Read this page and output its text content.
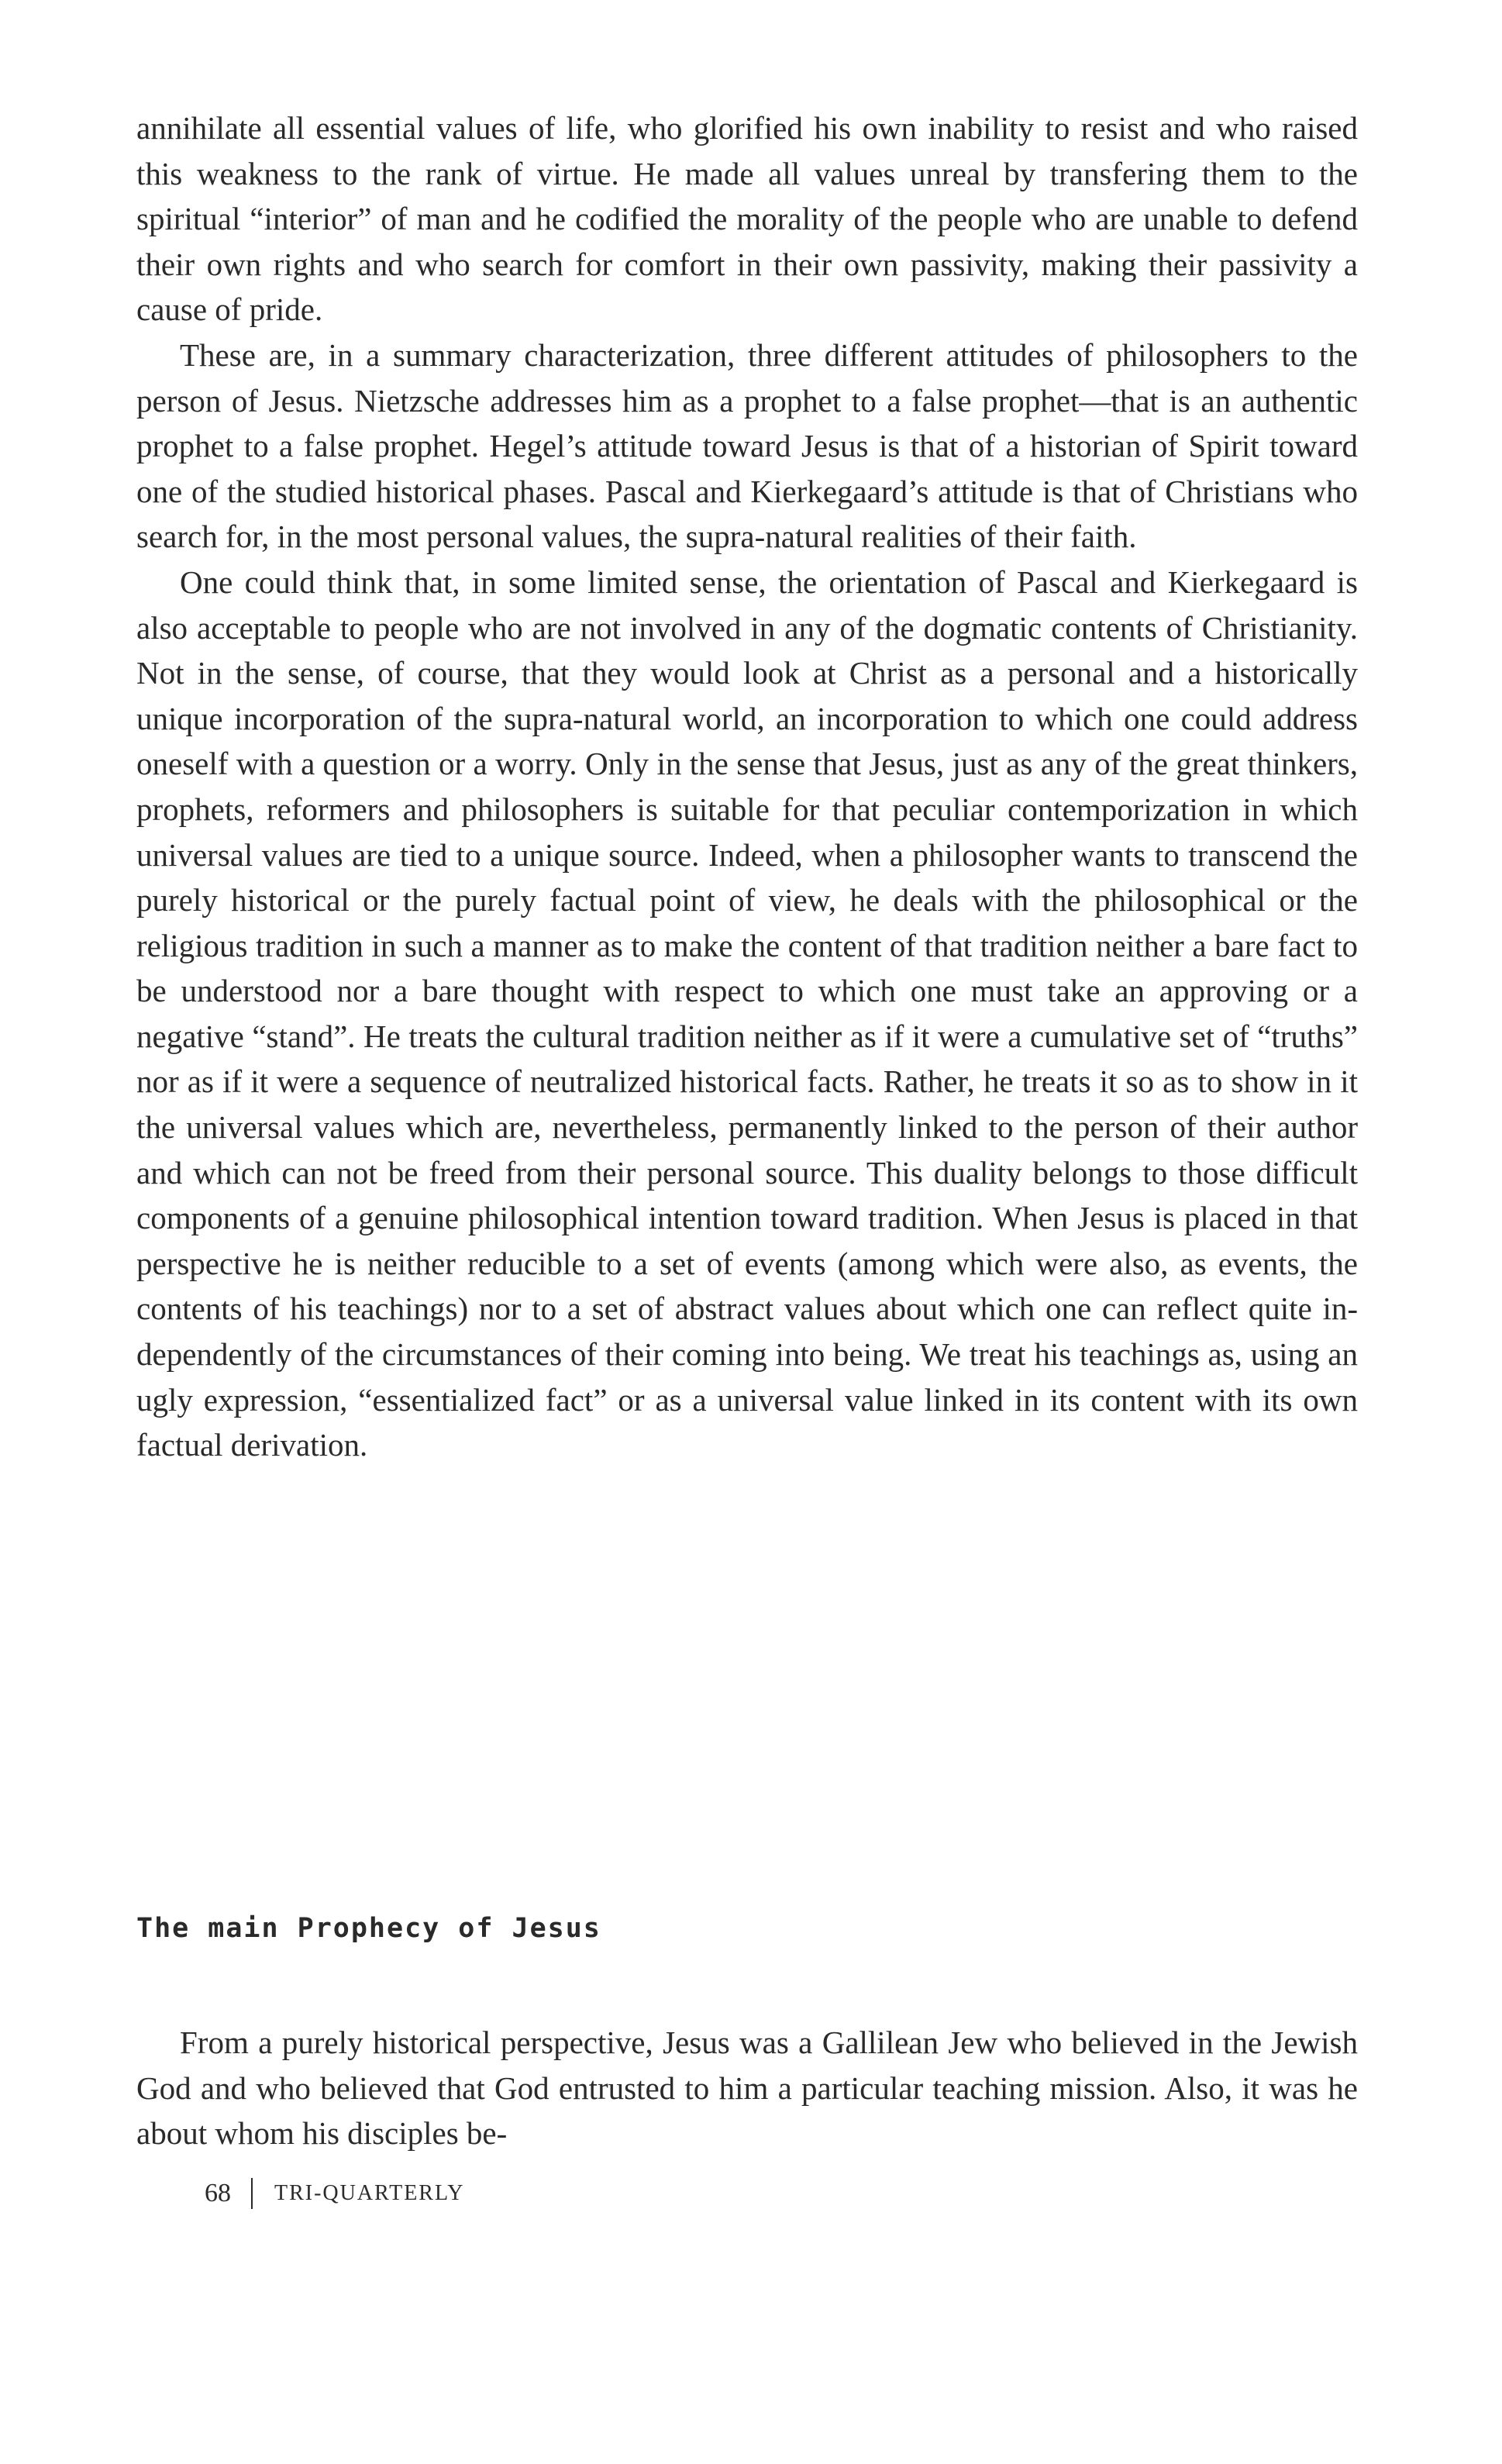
annihilate all essential values of life, who glorified his own inability to resist and who raised this weakness to the rank of virtue. He made all values unreal by transfering them to the spiritual “interior” of man and he codified the morality of the people who are unable to defend their own rights and who search for comfort in their own passivity, making their passivity a cause of pride.

These are, in a summary characterization, three different attitudes of philosophers to the person of Jesus. Nietzsche addresses him as a prophet to a false prophet—that is an authentic prophet to a false prophet. Hegel’s attitude toward Jesus is that of a historian of Spirit toward one of the studied historical phases. Pascal and Kierkegaard’s attitude is that of Christians who search for, in the most personal values, the supra-natural realities of their faith.

One could think that, in some limited sense, the orientation of Pascal and Kierkegaard is also acceptable to people who are not involved in any of the dogmatic contents of Christianity. Not in the sense, of course, that they would look at Christ as a personal and a historically unique incorporation of the supra-natural world, an incorporation to which one could address oneself with a question or a worry. Only in the sense that Jesus, just as any of the great thinkers, prophets, reformers and philosophers is suitable for that peculiar contemporization in which universal values are tied to a unique source. Indeed, when a philosopher wants to transcend the purely historical or the purely factual point of view, he deals with the philosophical or the religious tradition in such a manner as to make the content of that tradition neither a bare fact to be understood nor a bare thought with respect to which one must take an approving or a negative “stand”. He treats the cultural tradition neither as if it were a cumulative set of “truths” nor as if it were a sequence of neutralized historical facts. Rather, he treats it so as to show in it the universal values which are, nevertheless, permanently linked to the person of their author and which can not be freed from their personal source. This duality belongs to those difficult components of a genuine philosophical intention toward tradition. When Jesus is placed in that perspective he is neither reducible to a set of events (among which were also, as events, the contents of his teachings) nor to a set of abstract values about which one can reflect quite independently of the circumstances of their coming into being. We treat his teachings as, using an ugly expression, “essentialized fact” or as a universal value linked in its content with its own factual derivation.

The main Prophecy of Jesus

From a purely historical perspective, Jesus was a Gallilean Jew who believed in the Jewish God and who believed that God entrusted to him a particular teaching mission. Also, it was he about whom his disciples be-

68 TRI-QUARTERLY
